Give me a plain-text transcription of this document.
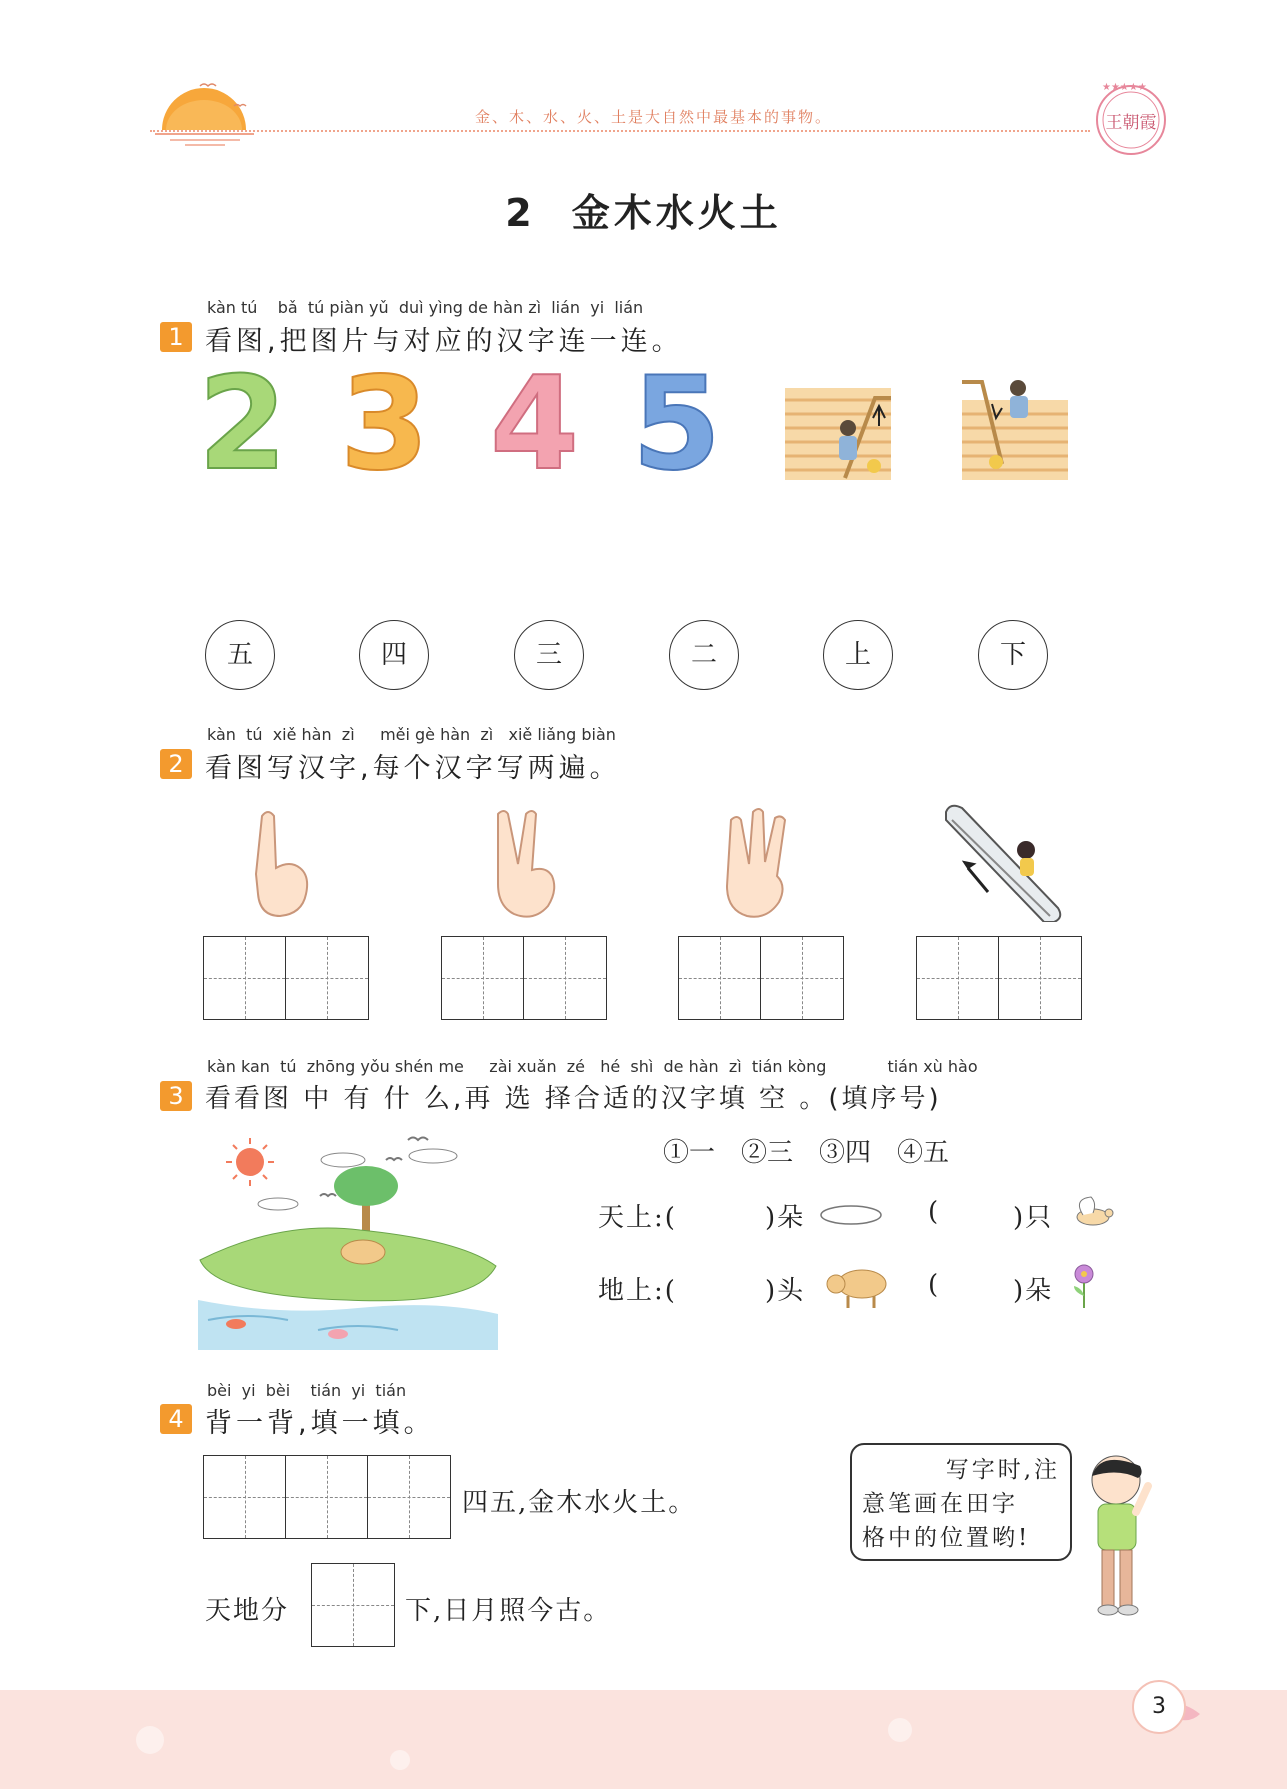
金、木、水、火、土是大自然中最基本的事物。
★★★★★
王朝霞
2 金木水火土
kàn tú    bǎ  tú piàn yǔ  duì yìng de hàn zì  lián  yi  lián
1 看图,把图片与对应的汉字连一连。
2 3 4 5
五	四	三	二	上	下
kàn  tú  xiě hàn  zì     měi gè hàn  zì   xiě liǎng biàn
2 看图写汉字,每个汉字写两遍。
kàn kan  tú  zhōng yǒu shén me     zài xuǎn  zé   hé  shì  de hàn  zì  tián kòng            tián xù hào
3 看看图 中 有 什 么,再 选 择合适的汉字填 空 。(填序号)
①一　②三　③四　④五
天上:(	)朵	(	)只
地上:(	)头	(	)朵
bèi  yi  bèi    tián  yi  tián
4 背一背,填一填。
四五,金木水火土。
天地分	下,日月照今古。
写字时,注
意笔画在田字
格中的位置哟!
3
